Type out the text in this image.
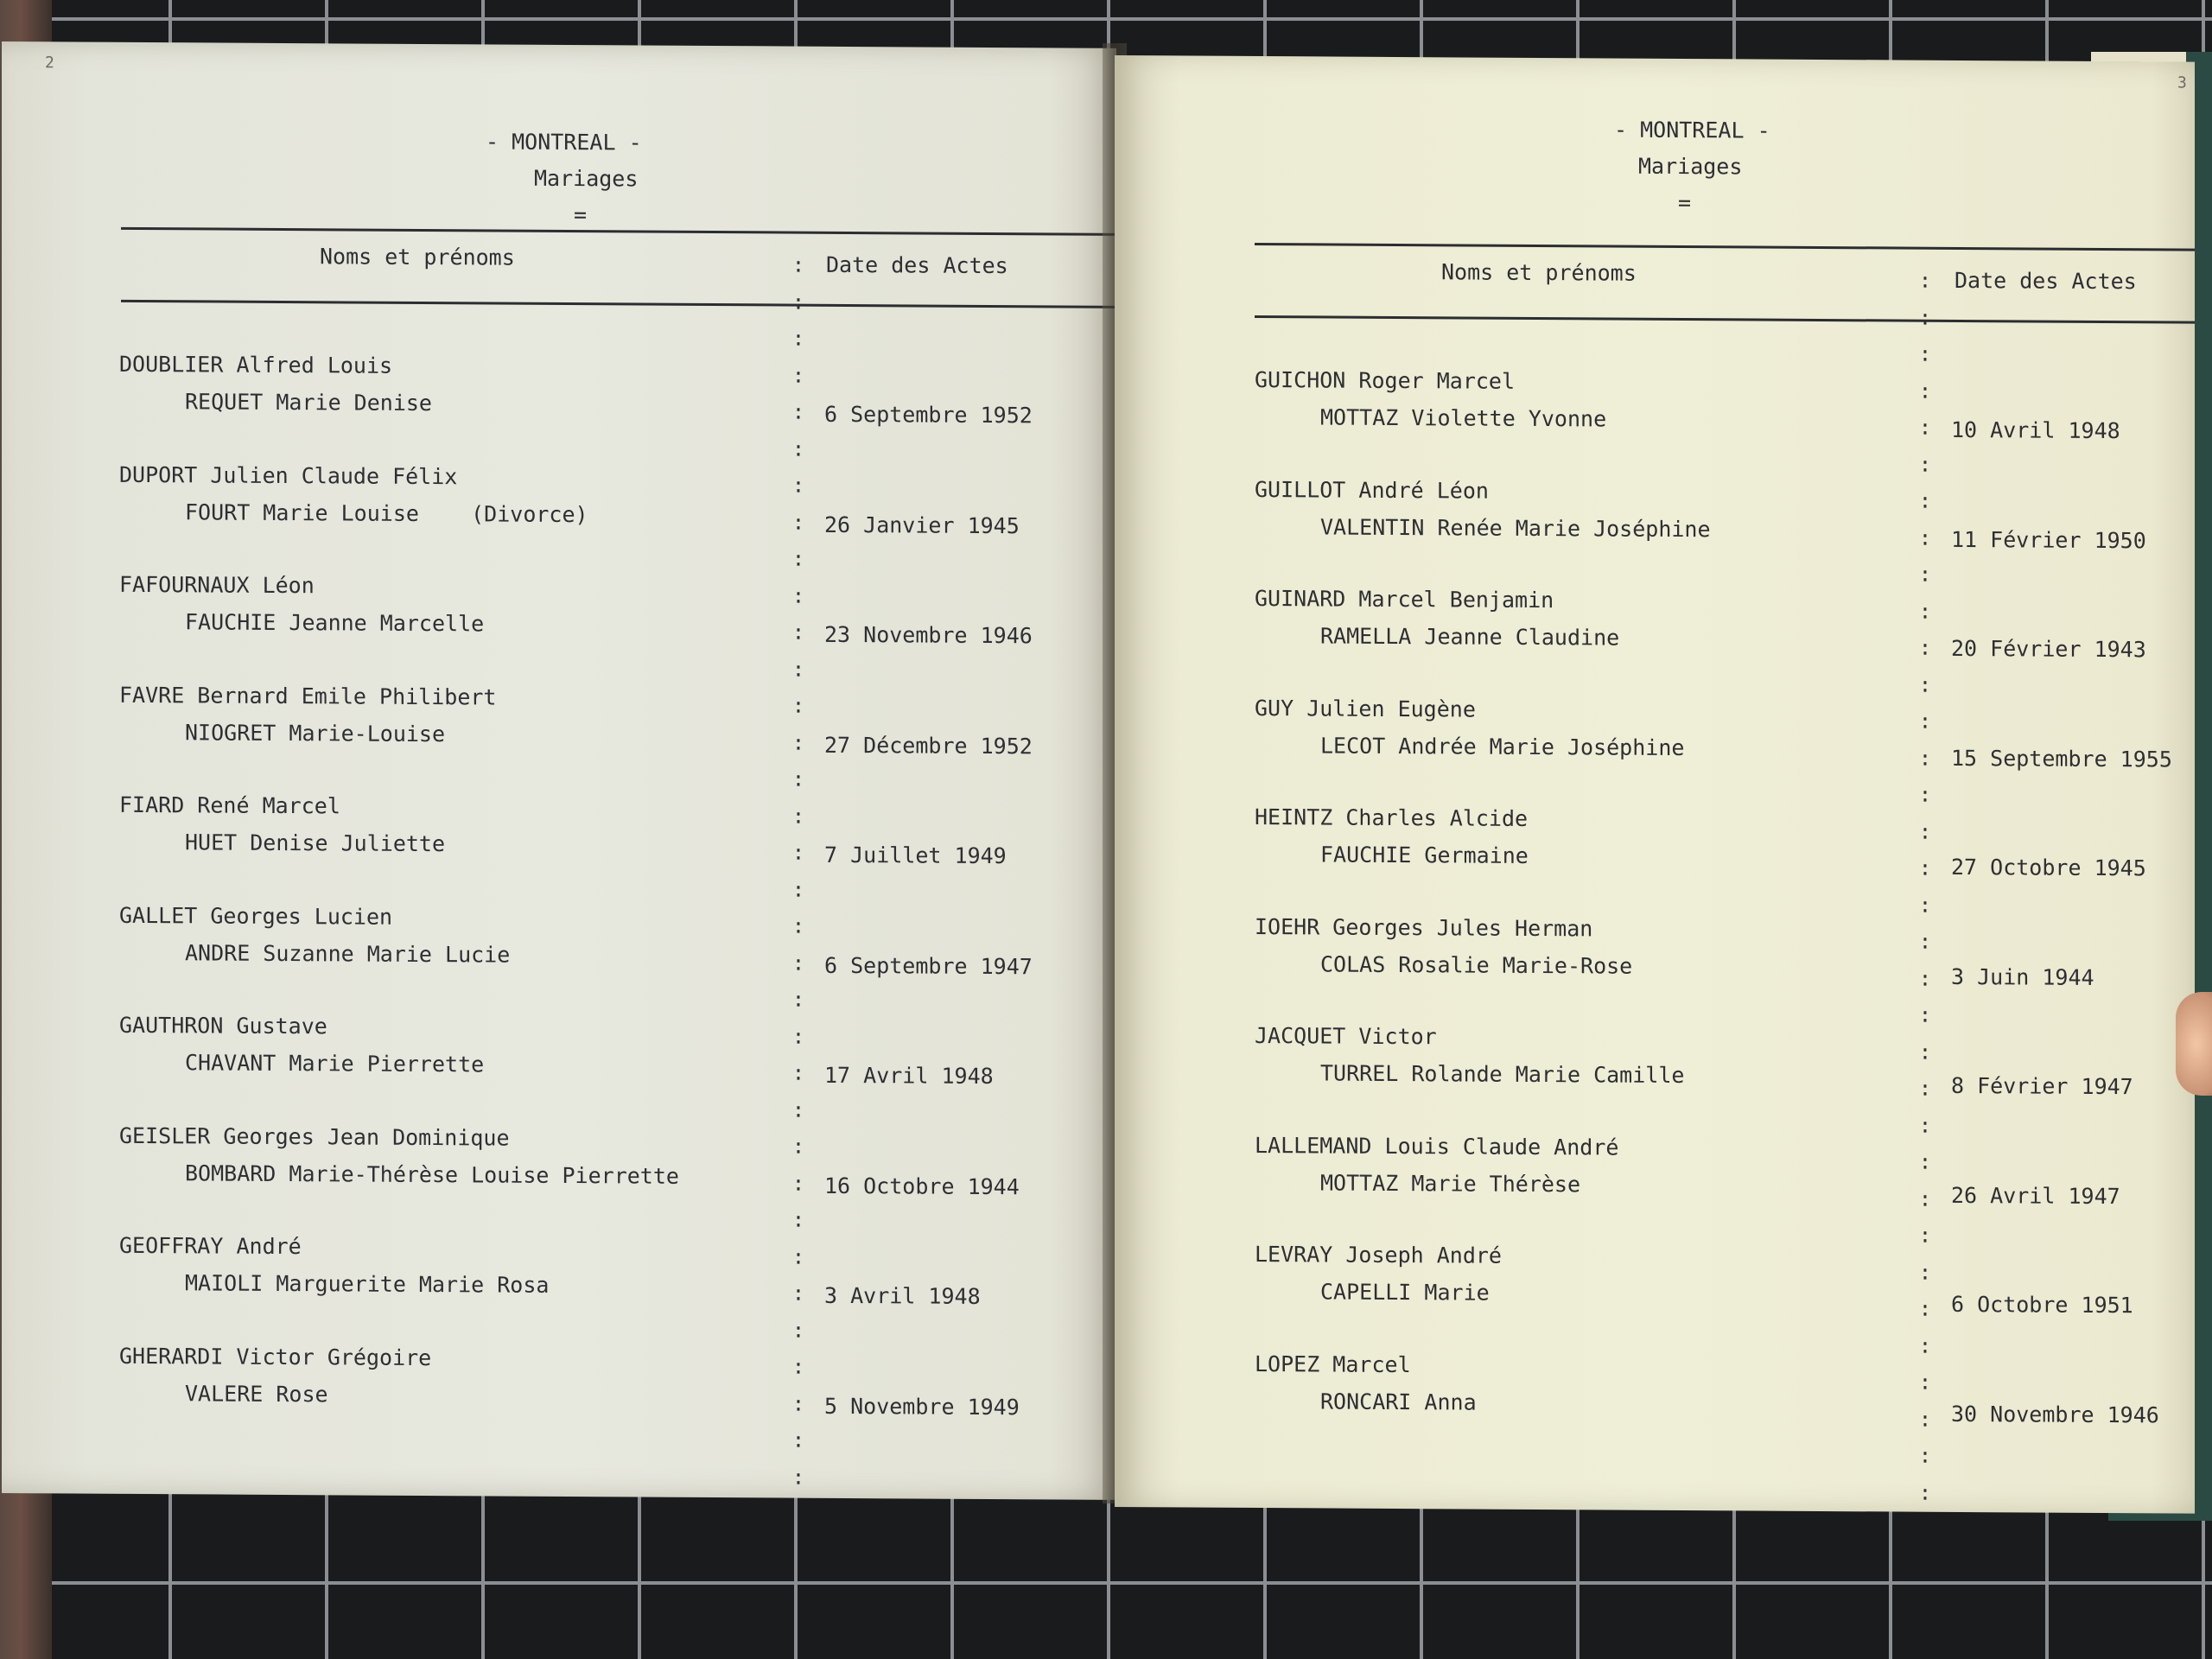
2
- MONTREAL -
Mariages
=
Noms et prénoms	Date des Actes
:
:
:
:
:
:
:
:
:
:
:
:
:
:
:
:
:
:
:
:
:
:
:
:
:
:
:
:
:
:
:
:
:
:
DOUBLIER Alfred Louis
REQUET Marie Denise	6 Septembre 1952
DUPORT Julien Claude Félix
FOURT Marie Louise    (Divorce)	26 Janvier 1945
FAFOURNAUX Léon
FAUCHIE Jeanne Marcelle	23 Novembre 1946
FAVRE Bernard Emile Philibert
NIOGRET Marie-Louise	27 Décembre 1952
FIARD René Marcel
HUET Denise Juliette	7 Juillet 1949
GALLET Georges Lucien
ANDRE Suzanne Marie Lucie	6 Septembre 1947
GAUTHRON Gustave
CHAVANT Marie Pierrette	17 Avril 1948
GEISLER Georges Jean Dominique
BOMBARD Marie-Thérèse Louise Pierrette	16 Octobre 1944
GEOFFRAY André
MAIOLI Marguerite Marie Rosa	3 Avril 1948
GHERARDI Victor Grégoire
VALERE Rose	5 Novembre 1949
3
- MONTREAL -
Mariages
=
Noms et prénoms	Date des Actes
:
:
:
:
:
:
:
:
:
:
:
:
:
:
:
:
:
:
:
:
:
:
:
:
:
:
:
:
:
:
:
:
:
:
GUICHON Roger Marcel
MOTTAZ Violette Yvonne	10 Avril 1948
GUILLOT André Léon
VALENTIN Renée Marie Joséphine	11 Février 1950
GUINARD Marcel Benjamin
RAMELLA Jeanne Claudine	20 Février 1943
GUY Julien Eugène
LECOT Andrée Marie Joséphine	15 Septembre 1955
HEINTZ Charles Alcide
FAUCHIE Germaine	27 Octobre 1945
IOEHR Georges Jules Herman
COLAS Rosalie Marie-Rose	3 Juin 1944
JACQUET Victor
TURREL Rolande Marie Camille	8 Février 1947
LALLEMAND Louis Claude André
MOTTAZ Marie Thérèse	26 Avril 1947
LEVRAY Joseph André
CAPELLI Marie	6 Octobre 1951
LOPEZ Marcel
RONCARI Anna	30 Novembre 1946
